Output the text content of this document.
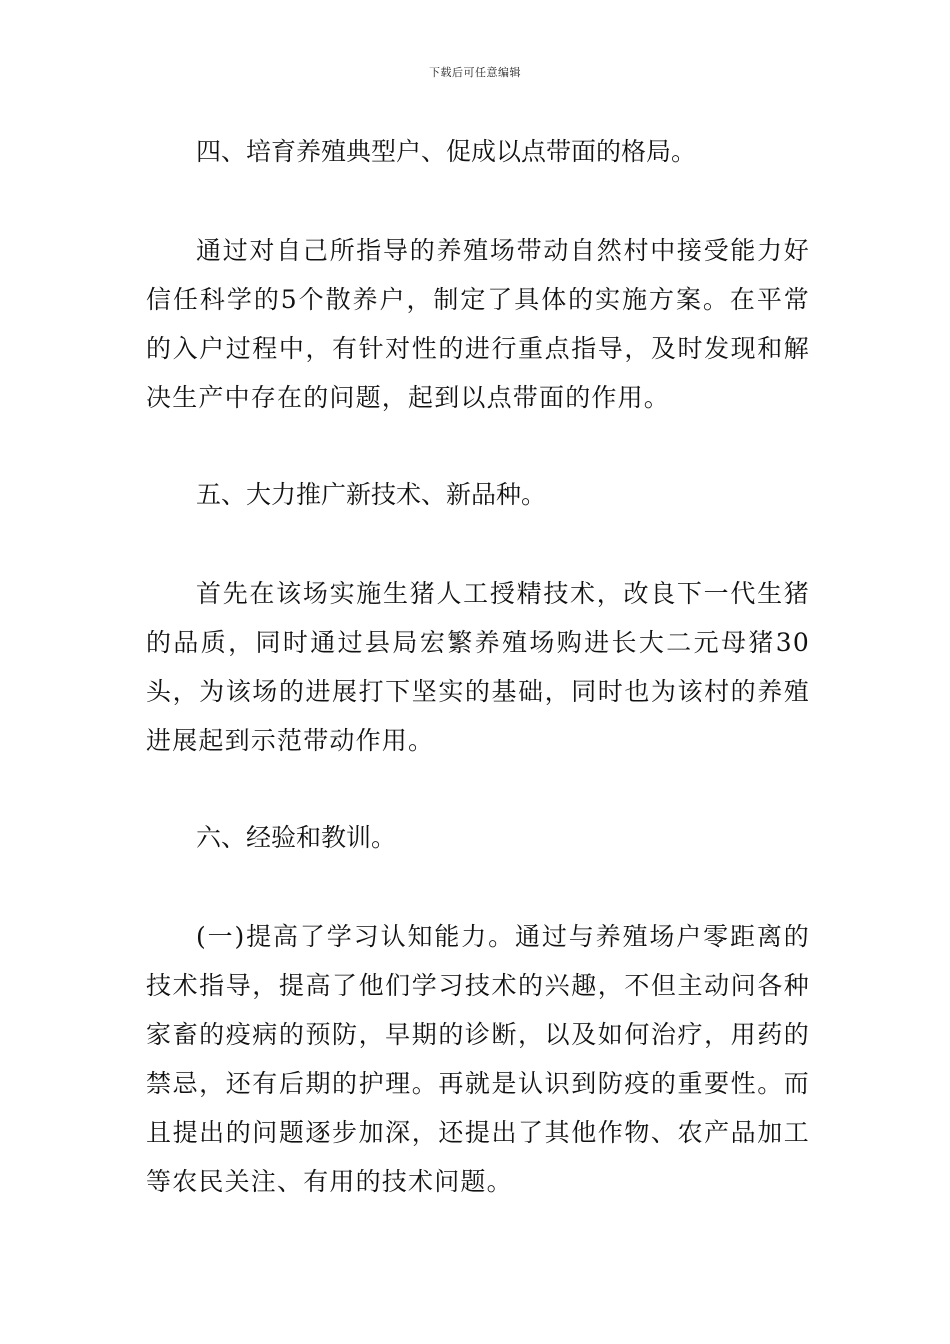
下载后可任意编辑

四、培育养殖典型户、促成以点带面的格局。

通过对自己所指导的养殖场带动自然村中接受能力好信任科学的5个散养户，制定了具体的实施方案。在平常的入户过程中，有针对性的进行重点指导，及时发现和解决生产中存在的问题，起到以点带面的作用。

五、大力推广新技术、新品种。

首先在该场实施生猪人工授精技术，改良下一代生猪的品质，同时通过县局宏繁养殖场购进长大二元母猪30头，为该场的进展打下坚实的基础，同时也为该村的养殖进展起到示范带动作用。

六、经验和教训。

(一)提高了学习认知能力。通过与养殖场户零距离的技术指导，提高了他们学习技术的兴趣，不但主动问各种家畜的疫病的预防，早期的诊断，以及如何治疗，用药的禁忌，还有后期的护理。再就是认识到防疫的重要性。而且提出的问题逐步加深，还提出了其他作物、农产品加工等农民关注、有用的技术问题。
